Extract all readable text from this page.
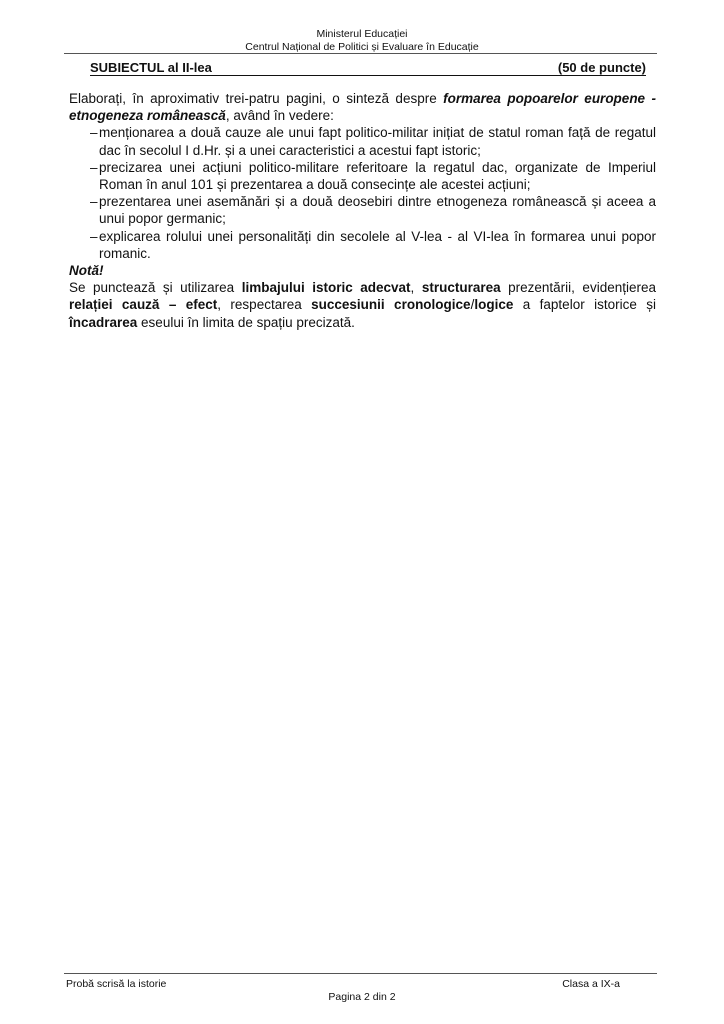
Ministerul Educației
Centrul Național de Politici și Evaluare în Educație
SUBIECTUL al II-lea	(50 de puncte)

Elaborați, în aproximativ trei-patru pagini, o sinteză despre formarea popoarelor europene - etnogeneza românească, având în vedere:

– menționarea a două cauze ale unui fapt politico-militar inițiat de statul roman față de regatul dac în secolul I d.Hr. și a unei caracteristici a acestui fapt istoric;
– precizarea unei acțiuni politico-militare referitoare la regatul dac, organizate de Imperiul Roman în anul 101 și prezentarea a două consecințe ale acestei acțiuni;
– prezentarea unei asemănări și a două deosebiri dintre etnogeneza românească și aceea a unui popor germanic;
– explicarea rolului unei personalități din secolele al V-lea - al VI-lea în formarea unui popor romanic.

Notă!

Se punctează și utilizarea limbajului istoric adecvat, structurarea prezentării, evidențierea relației cauză – efect, respectarea succesiunii cronologice/logice a faptelor istorice și încadrarea eseului în limita de spațiu precizată.

Probă scrisă la istorie	Clasa a IX-a
Pagina 2 din 2
